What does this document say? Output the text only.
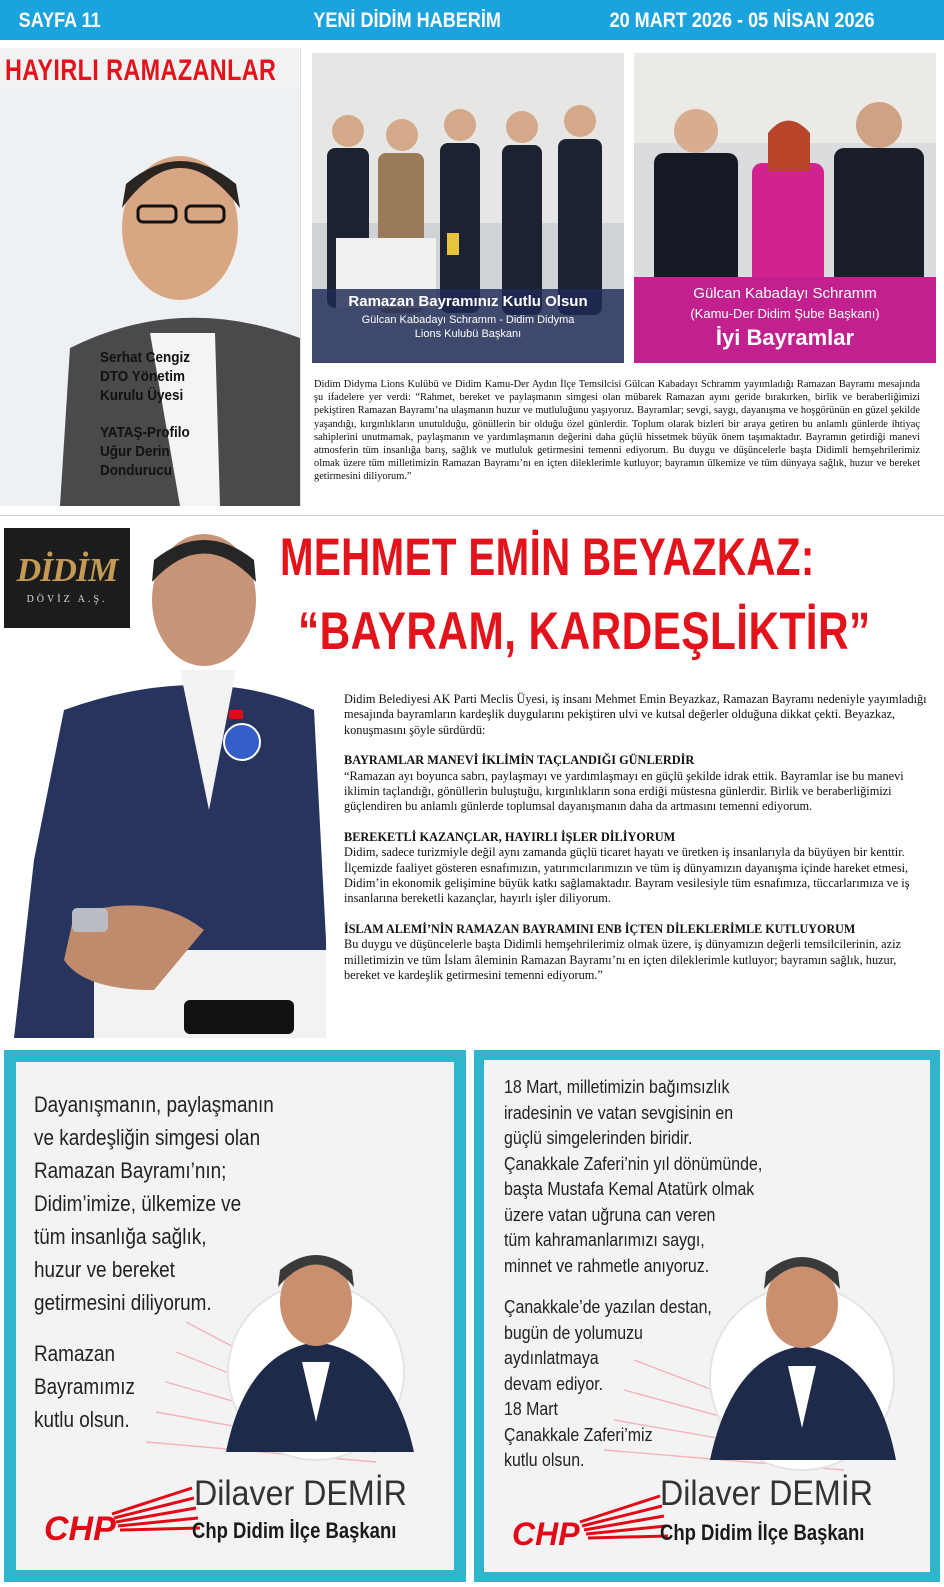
SAYFA 11	YENİ DİDİM HABERİM	20 MART 2026 - 05 NİSAN 2026
HAYIRLI RAMAZANLAR
Serhat Cengiz
DTO Yönetim
Kurulu Üyesi
YATAŞ-Profilo
Uğur Derin
Dondurucu
Ramazan Bayramınız Kutlu Olsun
Gülcan Kabadayı Schramm - Didim Didyma
Lions Kulubü Başkanı
Gülcan Kabadayı Schramm
(Kamu-Der Didim Şube Başkanı)
İyi Bayramlar
Didim Didyma Lions Kulübü ve Didim Kamu-Der Aydın İlçe Temsilcisi Gülcan Kabadayı Schramm yayımladığı Ramazan Bayramı mesajında şu ifadelere yer verdi: “Rahmet, bereket ve paylaşmanın simgesi olan mübarek Ramazan ayını geride bırakırken, birlik ve beraberliğimizi pekiştiren Ramazan Bayramı’na ulaşmanın huzur ve mutluluğunu yaşıyoruz. Bayramlar; sevgi, saygı, dayanışma ve hoşgörünün en güzel şekilde yaşandığı, kırgınlıkların unutulduğu, gönüllerin bir olduğu özel günlerdir. Toplum olarak bizleri bir araya getiren bu anlamlı günlerde ihtiyaç sahiplerini unutmamak, paylaşmanın ve yardımlaşmanın değerini daha güçlü hissetmek büyük önem taşımaktadır. Bayramın getirdiği manevi atmosferin tüm insanlığa barış, sağlık ve mutluluk getirmesini temenni ediyorum. Bu duygu ve düşüncelerle başta Didimli hemşehrilerimiz olmak üzere tüm milletimizin Ramazan Bayramı’nı en içten dileklerimle kutluyor; bayramın ülkemize ve tüm dünyaya sağlık, huzur ve bereket getirmesini diliyorum.”
DİDİM
DÖVİZ A.Ş.
MEHMET EMİN BEYAZKAZ:
“BAYRAM, KARDEŞLİKTİR”
Didim Belediyesi AK Parti Meclis Üyesi, iş insanı Mehmet Emin Beyazkaz, Ramazan Bayramı nedeniyle yayımladığı mesajında bayramların kardeşlik duygularını pekiştiren ulvi ve kutsal değerler olduğuna dikkat çekti. Beyazkaz, konuşmasını şöyle sürdürdü:
BAYRAMLAR MANEVİ İKLİMİN TAÇLANDIĞI GÜNLERDİR
“Ramazan ayı boyunca sabrı, paylaşmayı ve yardımlaşmayı en güçlü şekilde idrak ettik. Bayramlar ise bu manevi iklimin taçlandığı, gönüllerin buluştuğu, kırgınlıkların sona erdiği müstesna günlerdir. Birlik ve beraberliğimizi güçlendiren bu anlamlı günlerde toplumsal dayanışmanın daha da artmasını temenni ediyorum.
BEREKETLİ KAZANÇLAR, HAYIRLI İŞLER DİLİYORUM
Didim, sadece turizmiyle değil aynı zamanda güçlü ticaret hayatı ve üretken iş insanlarıyla da büyüyen bir kenttir. İlçemizde faaliyet gösteren esnafımızın, yatırımcılarımızın ve tüm iş dünyamızın dayanışma içinde hareket etmesi, Didim’in ekonomik gelişimine büyük katkı sağlamaktadır. Bayram vesilesiyle tüm esnafımıza, tüccarlarımıza ve iş insanlarına bereketli kazançlar, hayırlı işler diliyorum.
İSLAM ALEMİ’NİN RAMAZAN BAYRAMINI ENB İÇTEN DİLEKLERİMLE KUTLUYORUM
Bu duygu ve düşüncelerle başta Didimli hemşehrilerimiz olmak üzere, iş dünyamızın değerli temsilcilerinin, aziz milletimizin ve tüm İslam âleminin Ramazan Bayramı’nı en içten dileklerimle kutluyor; bayramın sağlık, huzur, bereket ve kardeşlik getirmesini temenni ediyorum.”
Dayanışmanın, paylaşmanın
ve kardeşliğin simgesi olan
Ramazan Bayramı’nın;
Didim’imize, ülkemize ve
tüm insanlığa sağlık,
huzur ve bereket
getirmesini diliyorum.
Ramazan
Bayramımız
kutlu olsun.
CHP
Dilaver DEMİR
Chp Didim İlçe Başkanı
18 Mart, milletimizin bağımsızlık
iradesinin ve vatan sevgisinin en
güçlü simgelerinden biridir.
Çanakkale Zaferi’nin yıl dönümünde,
başta Mustafa Kemal Atatürk olmak
üzere vatan uğruna can veren
tüm kahramanlarımızı saygı,
minnet ve rahmetle anıyoruz.
Çanakkale’de yazılan destan,
bugün de yolumuzu
aydınlatmaya
devam ediyor.
18 Mart
Çanakkale Zaferi’miz
kutlu olsun.
CHP
Dilaver DEMİR
Chp Didim İlçe Başkanı
